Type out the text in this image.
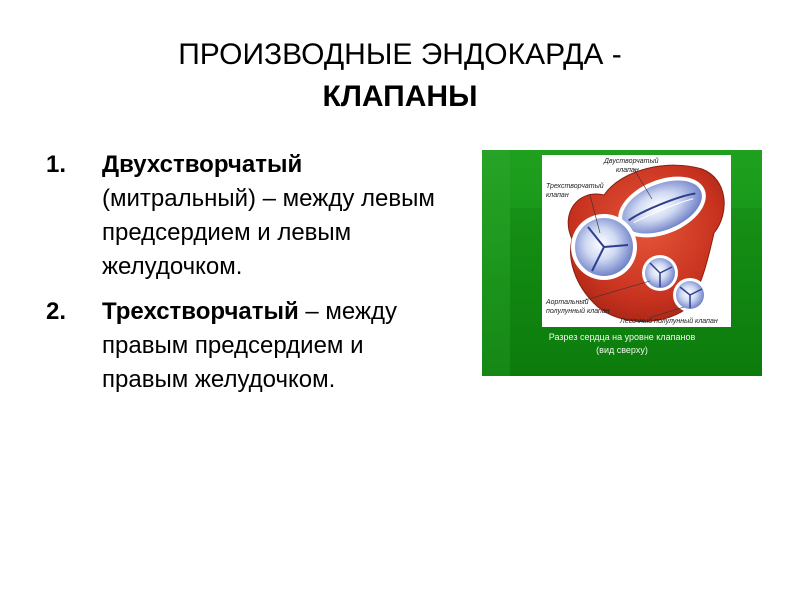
ПРОИЗВОДНЫЕ ЭНДОКАРДА -
КЛАПАНЫ
1. Двухстворчатый (митральный) – между левым предсердием и левым желудочком.
2. Трехстворчатый – между правым предсердием и правым желудочком.
Двустворчатый
клапан
Трехстворчатый
клапан
Аортальный
полулунный клапан
Легочный полулунный клапан
Разрез сердца на уровне клапанов
(вид сверху)
